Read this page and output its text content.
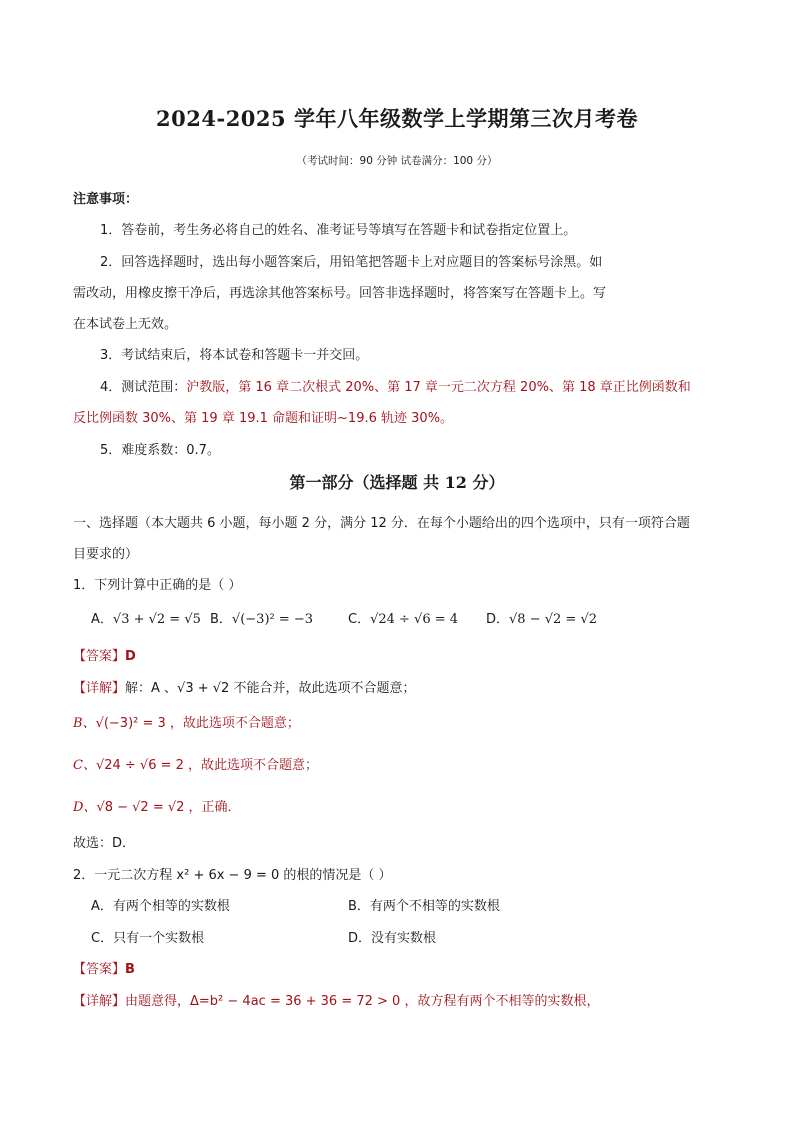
2024-2025 学年八年级数学上学期第三次月考卷
（考试时间：90 分钟 试卷满分：100 分）
注意事项：
1．答卷前，考生务必将自己的姓名、准考证号等填写在答题卡和试卷指定位置上。
2．回答选择题时，选出每小题答案后，用铅笔把答题卡上对应题目的答案标号涂黑。如
需改动，用橡皮擦干净后，再选涂其他答案标号。回答非选择题时，将答案写在答题卡上。写
在本试卷上无效。
3．考试结束后，将本试卷和答题卡一并交回。
4．测试范围：沪教版，第 16 章二次根式 20%、第 17 章一元二次方程 20%、第 18 章正比例函数和
反比例函数 30%、第 19 章 19.1 命题和证明~19.6 轨迹 30%。
5．难度系数：0.7。
第一部分（选择题 共 12 分）
一、选择题（本大题共 6 小题，每小题 2 分，满分 12 分．在每个小题给出的四个选项中，只有一项符合题
目要求的）
1．下列计算中正确的是（ ）
A．√3 + √2 = √5 B．√(−3)² = −3	C．√24 ÷ √6 = 4 D．√8 − √2 = √2
【答案】D
【详解】解：A 、√3 + √2 不能合并，故此选项不合题意；
B、√(−3)² = 3 ，故此选项不合题意；
C、√24 ÷ √6 = 2 ，故此选项不合题意；
D、√8 − √2 = √2 ，正确．
故选：D．
2．一元二次方程 x² + 6x − 9 = 0 的根的情况是（ ）
A．有两个相等的实数根	B．有两个不相等的实数根
C．只有一个实数根	D．没有实数根
【答案】B
【详解】由题意得，Δ=b² − 4ac = 36 + 36 = 72 > 0 ，故方程有两个不相等的实数根，
